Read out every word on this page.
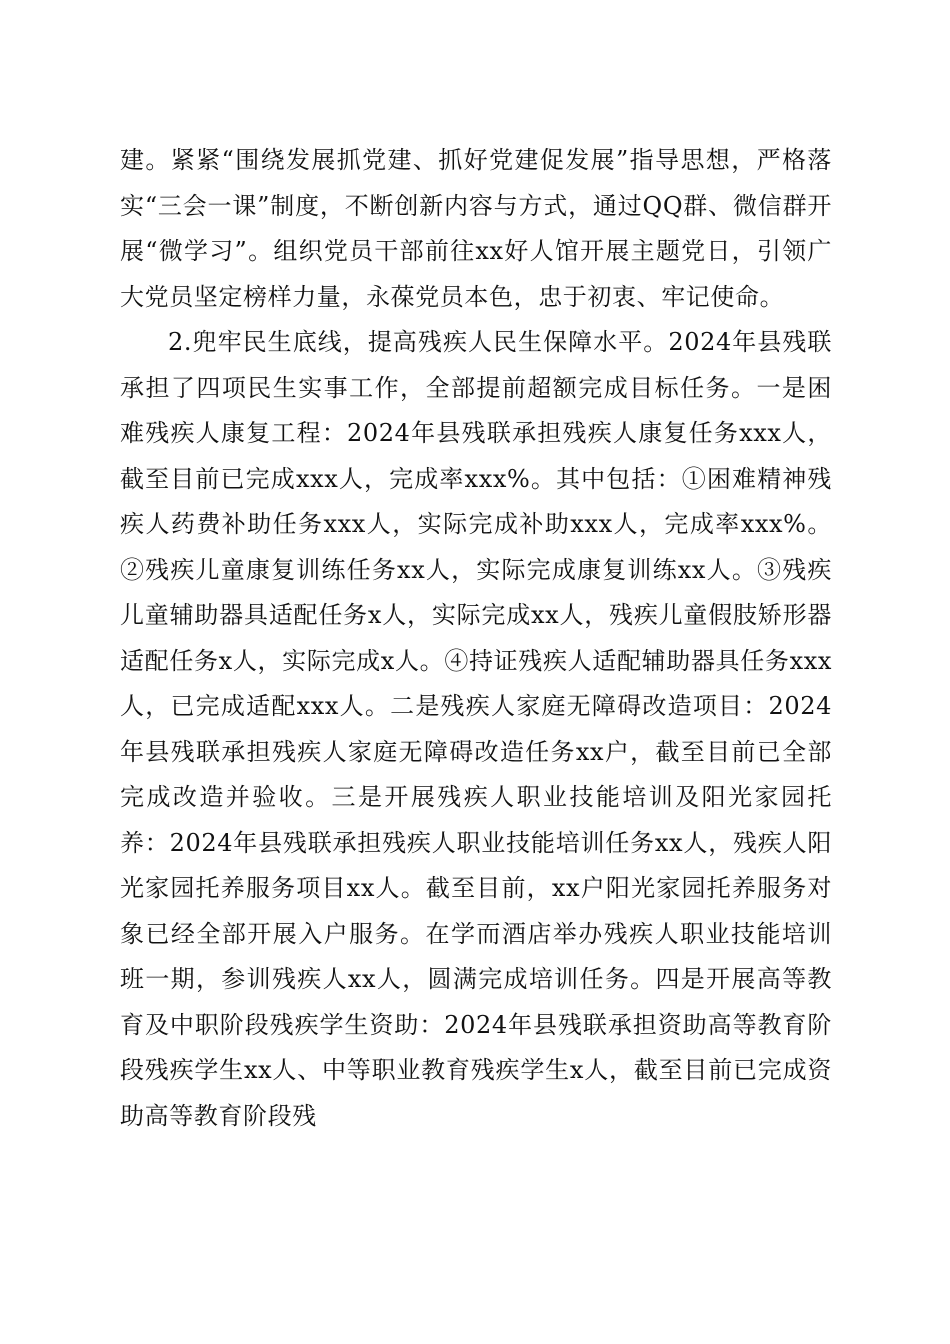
建。紧紧“围绕发展抓党建、抓好党建促发展”指导思想，严格落实“三会一课”制度，不断创新内容与方式，通过QQ群、微信群开展“微学习”。组织党员干部前往xx好人馆开展主题党日，引领广大党员坚定榜样力量，永葆党员本色，忠于初衷、牢记使命。

2.兜牢民生底线，提高残疾人民生保障水平。2024年县残联承担了四项民生实事工作，全部提前超额完成目标任务。一是困难残疾人康复工程：2024年县残联承担残疾人康复任务xxx人，截至目前已完成xxx人，完成率xxx%。其中包括：①困难精神残疾人药费补助任务xxx人，实际完成补助xxx人，完成率xxx%。②残疾儿童康复训练任务xx人，实际完成康复训练xx人。③残疾儿童辅助器具适配任务x人，实际完成xx人，残疾儿童假肢矫形器适配任务x人，实际完成x人。④持证残疾人适配辅助器具任务xxx人，已完成适配xxx人。二是残疾人家庭无障碍改造项目：2024年县残联承担残疾人家庭无障碍改造任务xx户，截至目前已全部完成改造并验收。三是开展残疾人职业技能培训及阳光家园托养：2024年县残联承担残疾人职业技能培训任务xx人，残疾人阳光家园托养服务项目xx人。截至目前，xx户阳光家园托养服务对象已经全部开展入户服务。在学而酒店举办残疾人职业技能培训班一期，参训残疾人xx人，圆满完成培训任务。四是开展高等教育及中职阶段残疾学生资助：2024年县残联承担资助高等教育阶段残疾学生xx人、中等职业教育残疾学生x人，截至目前已完成资助高等教育阶段残
